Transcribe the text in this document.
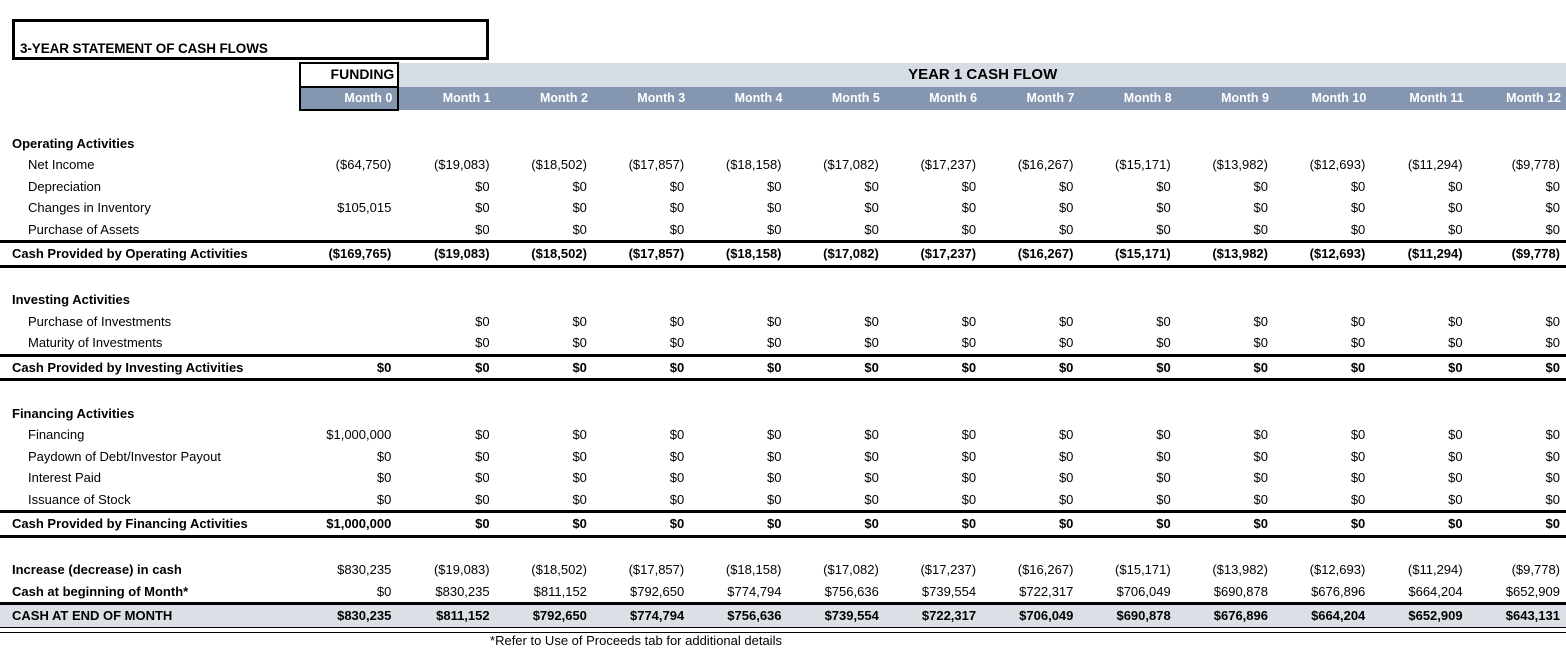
	FUNDING	YEAR 1 CASH FLOW											
	Month 0	Month 1	Month 2	Month 3	Month 4	Month 5	Month 6	Month 7	Month 8	Month 9	Month 10	Month 11	Month 12

Operating Activities													
Net Income	($64,750)	($19,083)	($18,502)	($17,857)	($18,158)	($17,082)	($17,237)	($16,267)	($15,171)	($13,982)	($12,693)	($11,294)	($9,778)
Depreciation		$0	$0	$0	$0	$0	$0	$0	$0	$0	$0	$0	$0
Changes in Inventory	$105,015	$0	$0	$0	$0	$0	$0	$0	$0	$0	$0	$0	$0
Purchase of Assets		$0	$0	$0	$0	$0	$0	$0	$0	$0	$0	$0	$0
Cash Provided by Operating Activities	($169,765)	($19,083)	($18,502)	($17,857)	($18,158)	($17,082)	($17,237)	($16,267)	($15,171)	($13,982)	($12,693)	($11,294)	($9,778)

Investing Activities													
Purchase of Investments		$0	$0	$0	$0	$0	$0	$0	$0	$0	$0	$0	$0
Maturity of Investments		$0	$0	$0	$0	$0	$0	$0	$0	$0	$0	$0	$0
Cash Provided by Investing Activities	$0	$0	$0	$0	$0	$0	$0	$0	$0	$0	$0	$0	$0

Financing Activities													
Financing	$1,000,000	$0	$0	$0	$0	$0	$0	$0	$0	$0	$0	$0	$0
Paydown of Debt/Investor Payout	$0	$0	$0	$0	$0	$0	$0	$0	$0	$0	$0	$0	$0
Interest Paid	$0	$0	$0	$0	$0	$0	$0	$0	$0	$0	$0	$0	$0
Issuance of Stock	$0	$0	$0	$0	$0	$0	$0	$0	$0	$0	$0	$0	$0
Cash Provided by Financing Activities	$1,000,000	$0	$0	$0	$0	$0	$0	$0	$0	$0	$0	$0	$0

Increase (decrease) in cash	$830,235	($19,083)	($18,502)	($17,857)	($18,158)	($17,082)	($17,237)	($16,267)	($15,171)	($13,982)	($12,693)	($11,294)	($9,778)
Cash at beginning of Month*	$0	$830,235	$811,152	$792,650	$774,794	$756,636	$739,554	$722,317	$706,049	$690,878	$676,896	$664,204	$652,909
CASH AT END OF MONTH	$830,235	$811,152	$792,650	$774,794	$756,636	$739,554	$722,317	$706,049	$690,878	$676,896	$664,204	$652,909	$643,131

3-YEAR STATEMENT OF CASH FLOWS
*Refer to Use of Proceeds tab for additional details
